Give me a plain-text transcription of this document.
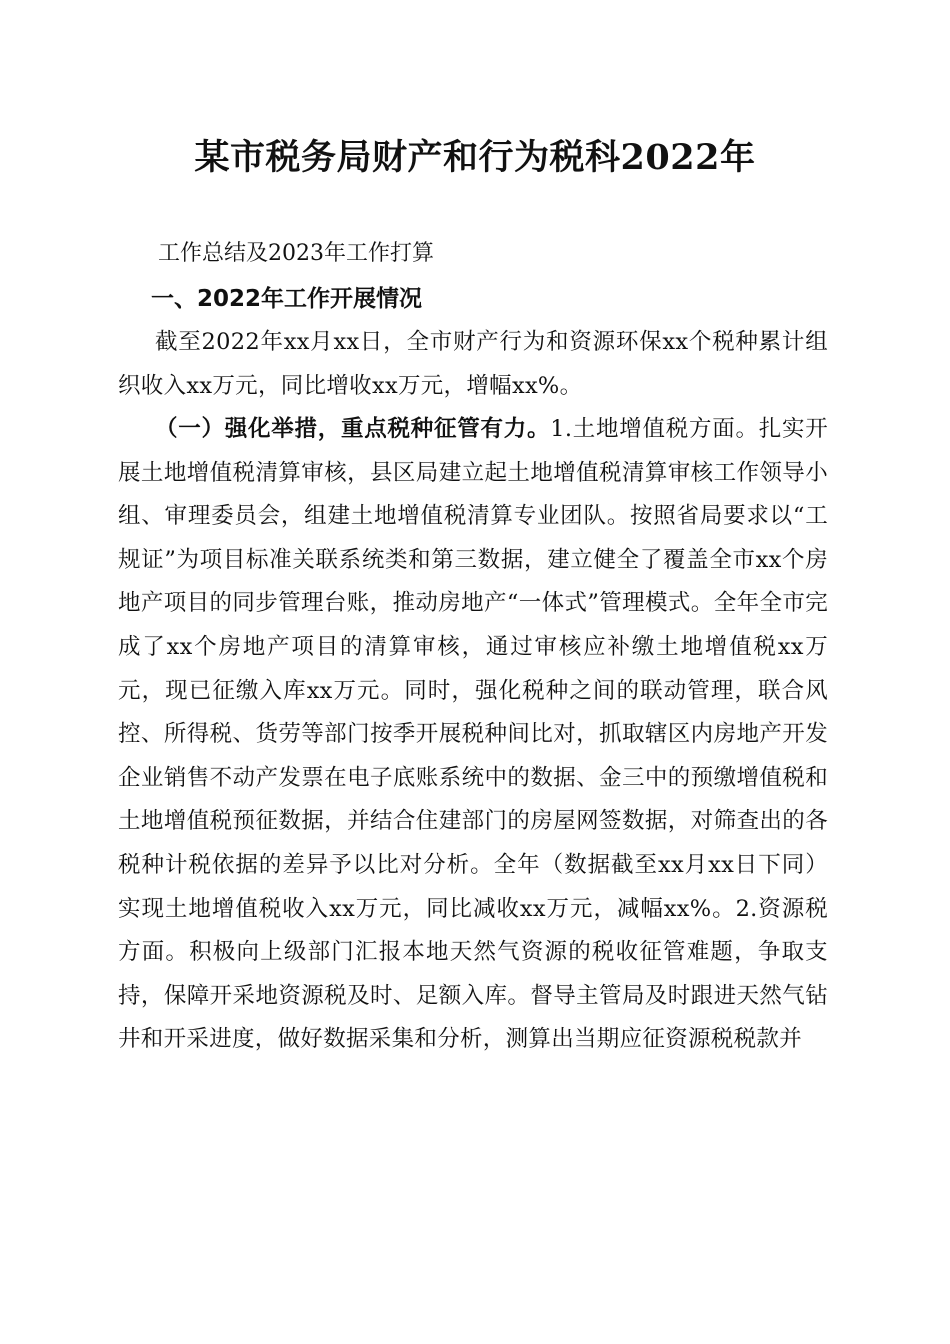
某市税务局财产和行为税科2022年

工作总结及2023年工作打算

一、2022年工作开展情况

截至2022年xx月xx日，全市财产行为和资源环保xx个税种累计组织收入xx万元，同比增收xx万元，增幅xx%。

（一）强化举措，重点税种征管有力。1.土地增值税方面。扎实开展土地增值税清算审核，县区局建立起土地增值税清算审核工作领导小组、审理委员会，组建土地增值税清算专业团队。按照省局要求以“工规证”为项目标准关联系统类和第三数据，建立健全了覆盖全市xx个房地产项目的同步管理台账，推动房地产“一体式”管理模式。全年全市完成了xx个房地产项目的清算审核，通过审核应补缴土地增值税xx万元，现已征缴入库xx万元。同时，强化税种之间的联动管理，联合风控、所得税、货劳等部门按季开展税种间比对，抓取辖区内房地产开发企业销售不动产发票在电子底账系统中的数据、金三中的预缴增值税和土地增值税预征数据，并结合住建部门的房屋网签数据，对筛查出的各税种计税依据的差异予以比对分析。全年（数据截至xx月xx日下同）实现土地增值税收入xx万元，同比减收xx万元，减幅xx%。2.资源税方面。积极向上级部门汇报本地天然气资源的税收征管难题，争取支持，保障开采地资源税及时、足额入库。督导主管局及时跟进天然气钻井和开采进度，做好数据采集和分析，测算出当期应征资源税税款并
